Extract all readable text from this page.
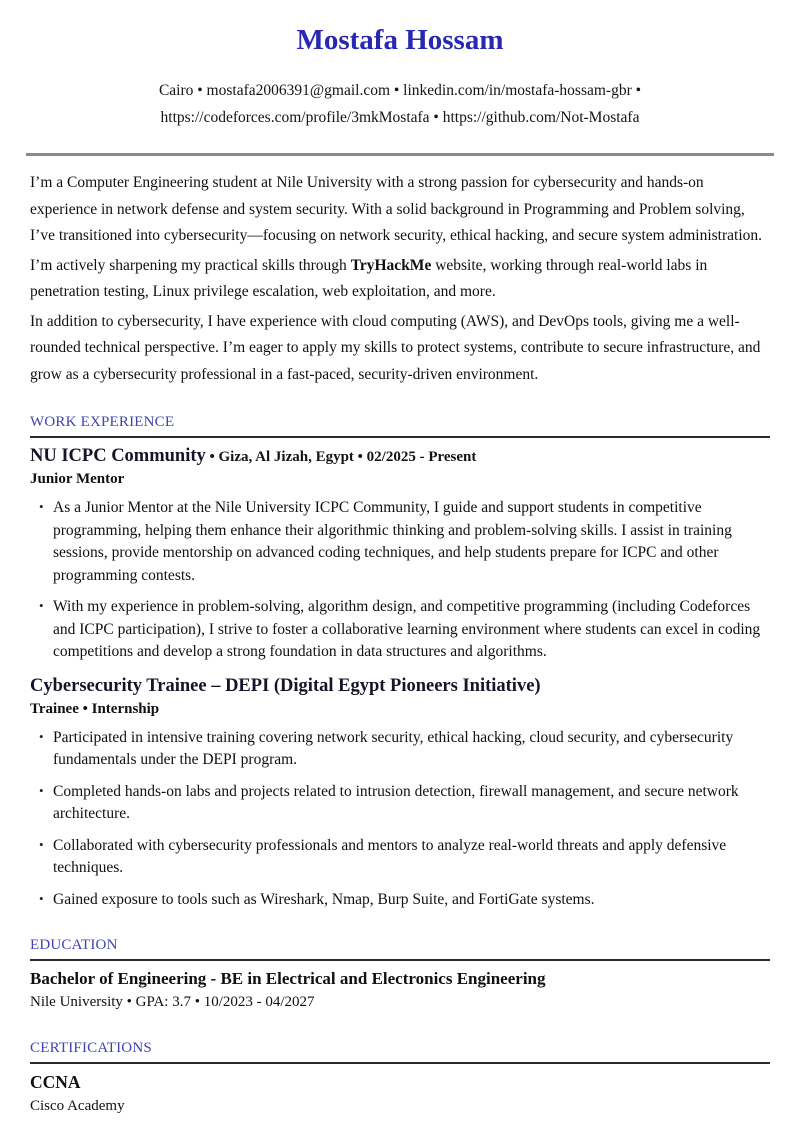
Mostafa Hossam

Cairo • mostafa2006391@gmail.com • linkedin.com/in/mostafa-hossam-gbr •

https://codeforces.com/profile/3mkMostafa • https://github.com/Not-Mostafa

I’m a Computer Engineering student at Nile University with a strong passion for cybersecurity and hands-on experience in network defense and system security. With a solid background in Programming and Problem solving, I’ve transitioned into cybersecurity—focusing on network security, ethical hacking, and secure system administration.

I’m actively sharpening my practical skills through TryHackMe website, working through real-world labs in penetration testing, Linux privilege escalation, web exploitation, and more.

In addition to cybersecurity, I have experience with cloud computing (AWS), and DevOps tools, giving me a well-rounded technical perspective. I’m eager to apply my skills to protect systems, contribute to secure infrastructure, and grow as a cybersecurity professional in a fast-paced, security-driven environment.

WORK EXPERIENCE

NU ICPC Community • Giza, Al Jizah, Egypt • 02/2025 - Present

Junior Mentor

• As a Junior Mentor at the Nile University ICPC Community, I guide and support students in competitive programming, helping them enhance their algorithmic thinking and problem-solving skills. I assist in training sessions, provide mentorship on advanced coding techniques, and help students prepare for ICPC and other programming contests.
• With my experience in problem-solving, algorithm design, and competitive programming (including Codeforces and ICPC participation), I strive to foster a collaborative learning environment where students can excel in coding competitions and develop a strong foundation in data structures and algorithms.

Cybersecurity Trainee – DEPI (Digital Egypt Pioneers Initiative)

Trainee • Internship

• Participated in intensive training covering network security, ethical hacking, cloud security, and cybersecurity fundamentals under the DEPI program.
• Completed hands-on labs and projects related to intrusion detection, firewall management, and secure network architecture.
• Collaborated with cybersecurity professionals and mentors to analyze real-world threats and apply defensive techniques.
• Gained exposure to tools such as Wireshark, Nmap, Burp Suite, and FortiGate systems.
EDUCATION

Bachelor of Engineering - BE in Electrical and Electronics Engineering

Nile University • GPA: 3.7 • 10/2023 - 04/2027

CERTIFICATIONS

CCNA

Cisco Academy
